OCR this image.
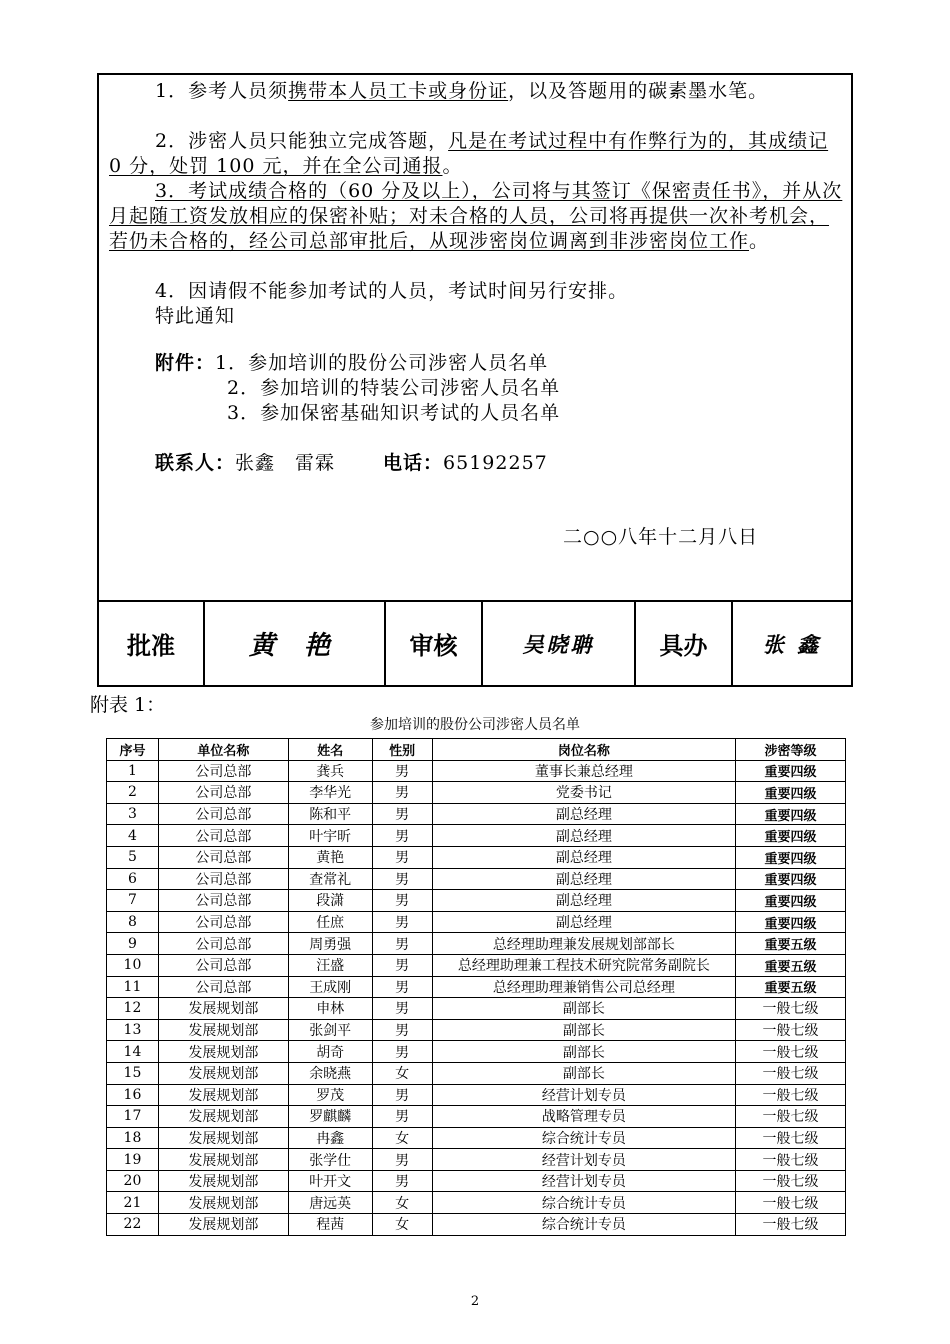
1．参考人员须携带本人员工卡或身份证，以及答题用的碳素墨水笔。

2．涉密人员只能独立完成答题，凡是在考试过程中有作弊行为的，其成绩记 0 分，处罚 100 元，并在全公司通报。

3．考试成绩合格的（60 分及以上），公司将与其签订《保密责任书》，并从次月起随工资发放相应的保密补贴；对未合格的人员，公司将再提供一次补考机会，若仍未合格的，经公司总部审批后，从现涉密岗位调离到非涉密岗位工作。

4．因请假不能参加考试的人员，考试时间另行安排。

特此通知

附件：1．参加培训的股份公司涉密人员名单

2．参加培训的特装公司涉密人员名单

3．参加保密基础知识考试的人员名单

联系人：张鑫　雷霖	电话：65192257

二○○八年十二月八日

批准	黄 艳	审核	吴晓聃	具办	张 鑫
附表 1：
参加培训的股份公司涉密人员名单
序号	单位名称	姓名	性别	岗位名称	涉密等级
1	公司总部	龚兵	男	董事长兼总经理	重要四级
2	公司总部	李华光	男	党委书记	重要四级
3	公司总部	陈和平	男	副总经理	重要四级
4	公司总部	叶宇昕	男	副总经理	重要四级
5	公司总部	黄艳	男	副总经理	重要四级
6	公司总部	查常礼	男	副总经理	重要四级
7	公司总部	段潇	男	副总经理	重要四级
8	公司总部	任庶	男	副总经理	重要四级
9	公司总部	周勇强	男	总经理助理兼发展规划部部长	重要五级
10	公司总部	汪盛	男	总经理助理兼工程技术研究院常务副院长	重要五级
11	公司总部	王成刚	男	总经理助理兼销售公司总经理	重要五级
12	发展规划部	申林	男	副部长	一般七级
13	发展规划部	张剑平	男	副部长	一般七级
14	发展规划部	胡奇	男	副部长	一般七级
15	发展规划部	余晓燕	女	副部长	一般七级
16	发展规划部	罗茂	男	经营计划专员	一般七级
17	发展规划部	罗麒麟	男	战略管理专员	一般七级
18	发展规划部	冉鑫	女	综合统计专员	一般七级
19	发展规划部	张学仕	男	经营计划专员	一般七级
20	发展规划部	叶开文	男	经营计划专员	一般七级
21	发展规划部	唐远英	女	综合统计专员	一般七级
22	发展规划部	程茜	女	综合统计专员	一般七级
2
